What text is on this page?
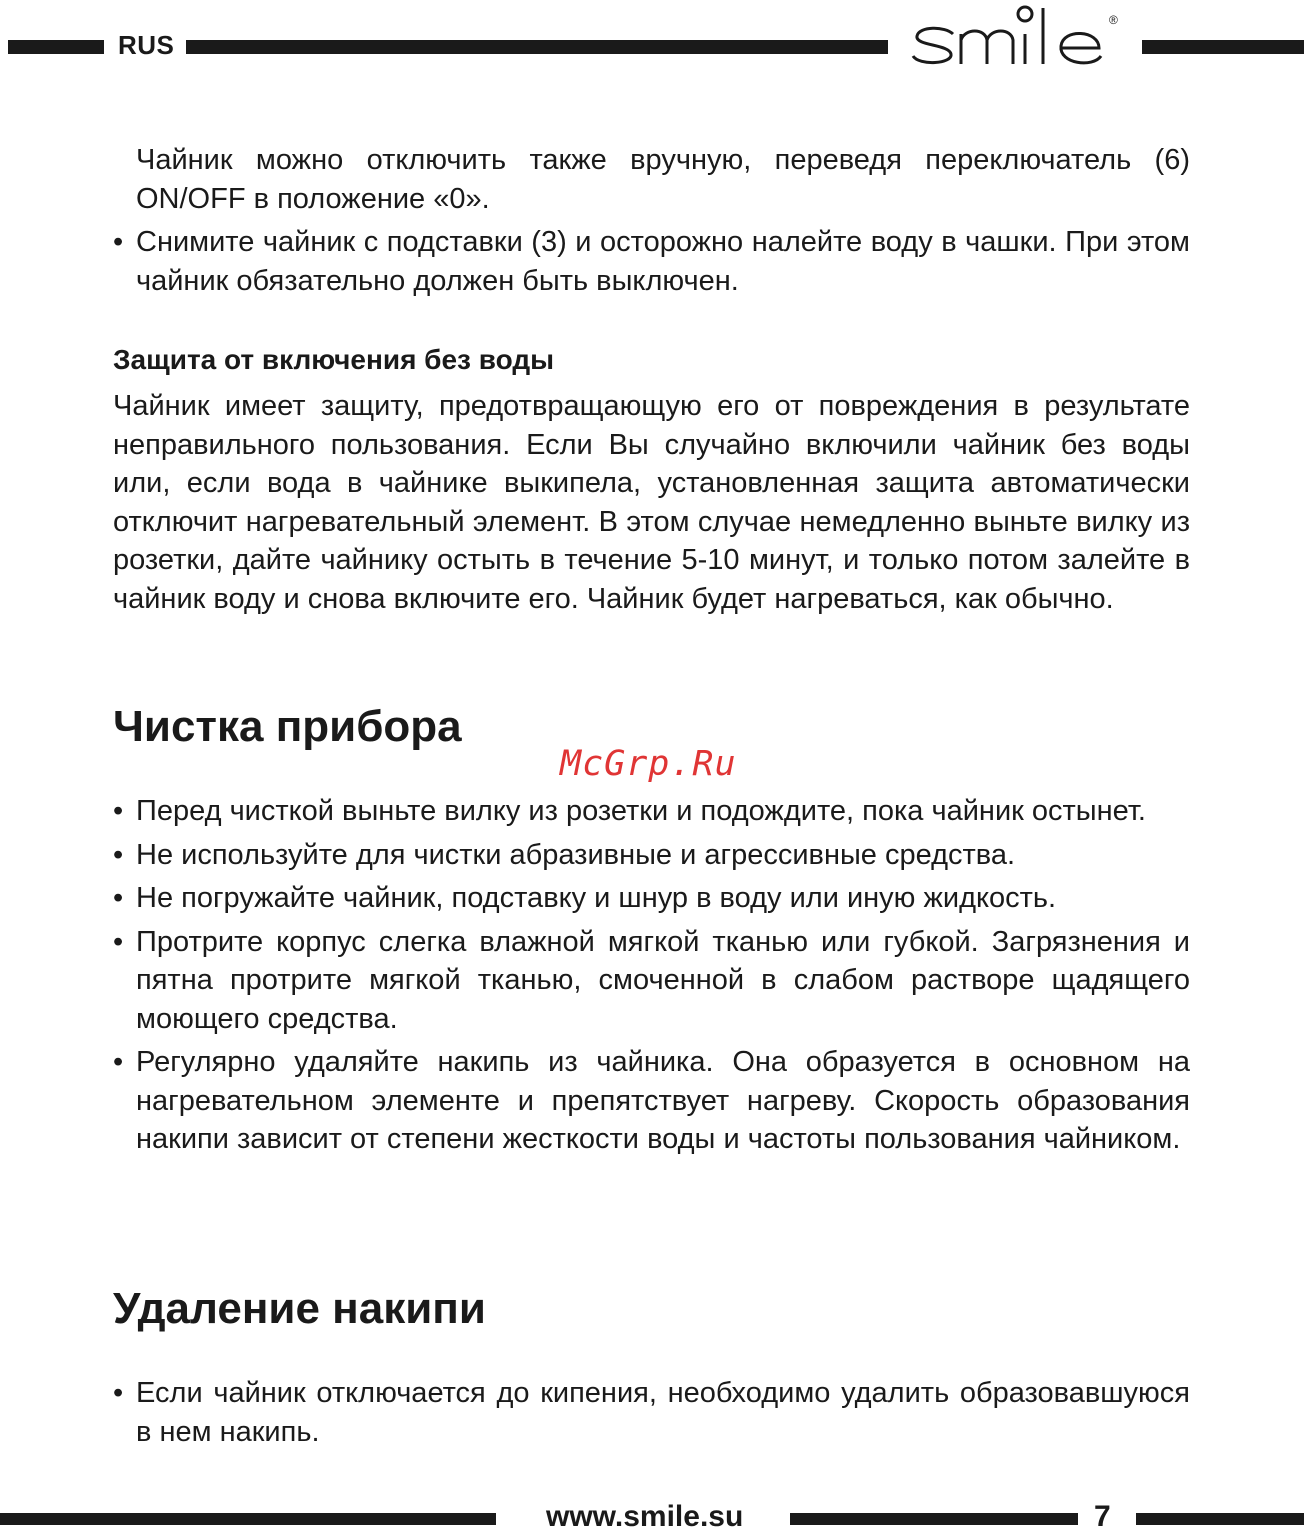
RUS
®

Чайник можно отключить также вручную, переведя переключатель (6) ON/OFF в положение «0».

• Снимите чайник с подставки (3) и осторожно налейте воду в чашки. При этом чайник обязательно должен быть выключен.
Защита от включения без воды

Чайник имеет защиту, предотвращающую его от повреждения в результате неправильного пользования. Если Вы случайно включили чайник без воды или, если вода в чайнике выкипела, установленная защита автоматически отключит нагревательный элемент. В этом случае немедленно выньте вилку из розетки, дайте чайнику остыть в течение 5-10 минут, и только потом залейте в чайник воду и снова включите его. Чайник будет нагреваться, как обычно.

Чистка прибора
McGrp.Ru
• Перед чисткой выньте вилку из розетки и подождите, пока чайник остынет.
• Не используйте для чистки абразивные и агрессивные средства.
• Не погружайте чайник, подставку и шнур в воду или иную жидкость.
• Протрите корпус слегка влажной мягкой тканью или губкой. Загрязнения и пятна протрите мягкой тканью, смоченной в слабом растворе щадящего моющего средства.
• Регулярно удаляйте накипь из чайника. Она образуется в основном на нагревательном элементе и препятствует нагреву. Скорость образования накипи зависит от степени жесткости воды и частоты пользования чайником.
Удаление накипи
• Если чайник отключается до кипения, необходимо удалить образовавшуюся в нем накипь.
www.smile.su	7
